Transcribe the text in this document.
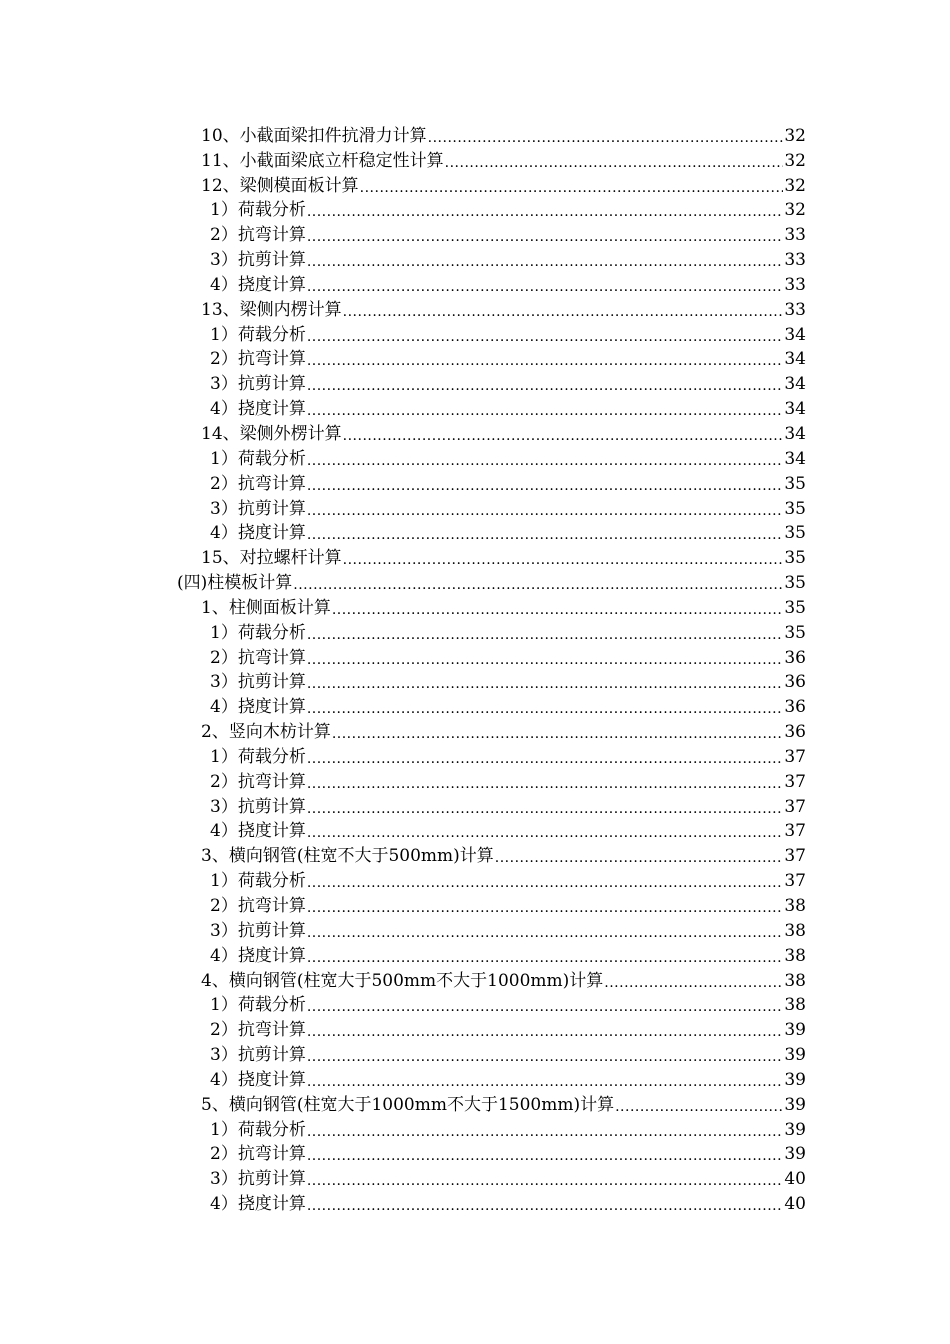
10、小截面梁扣件抗滑力计算 .....	32
11、小截面梁底立杆稳定性计算 .....	32
12、梁侧模面板计算 .....	32
1）荷载分析 .....	32
2）抗弯计算 .....	33
3）抗剪计算 .....	33
4）挠度计算 .....	33
13、梁侧内楞计算 .....	33
1）荷载分析 .....	34
2）抗弯计算 .....	34
3）抗剪计算 .....	34
4）挠度计算 .....	34
14、梁侧外楞计算 .....	34
1）荷载分析 .....	34
2）抗弯计算 .....	35
3）抗剪计算 .....	35
4）挠度计算 .....	35
15、对拉螺杆计算 .....	35
(四)柱模板计算 .....	35
1、柱侧面板计算 .....	35
1）荷载分析 .....	35
2）抗弯计算 .....	36
3）抗剪计算 .....	36
4）挠度计算 .....	36
2、竖向木枋计算 .....	36
1）荷载分析 .....	37
2）抗弯计算 .....	37
3）抗剪计算 .....	37
4）挠度计算 .....	37
3、横向钢管(柱宽不大于500mm)计算 .....	37
1）荷载分析 .....	37
2）抗弯计算 .....	38
3）抗剪计算 .....	38
4）挠度计算 .....	38
4、横向钢管(柱宽大于500mm不大于1000mm)计算 .....	38
1）荷载分析 .....	38
2）抗弯计算 .....	39
3）抗剪计算 .....	39
4）挠度计算 .....	39
5、横向钢管(柱宽大于1000mm不大于1500mm)计算 .....	39
1）荷载分析 .....	39
2）抗弯计算 .....	39
3）抗剪计算 .....	40
4）挠度计算 .....	40
